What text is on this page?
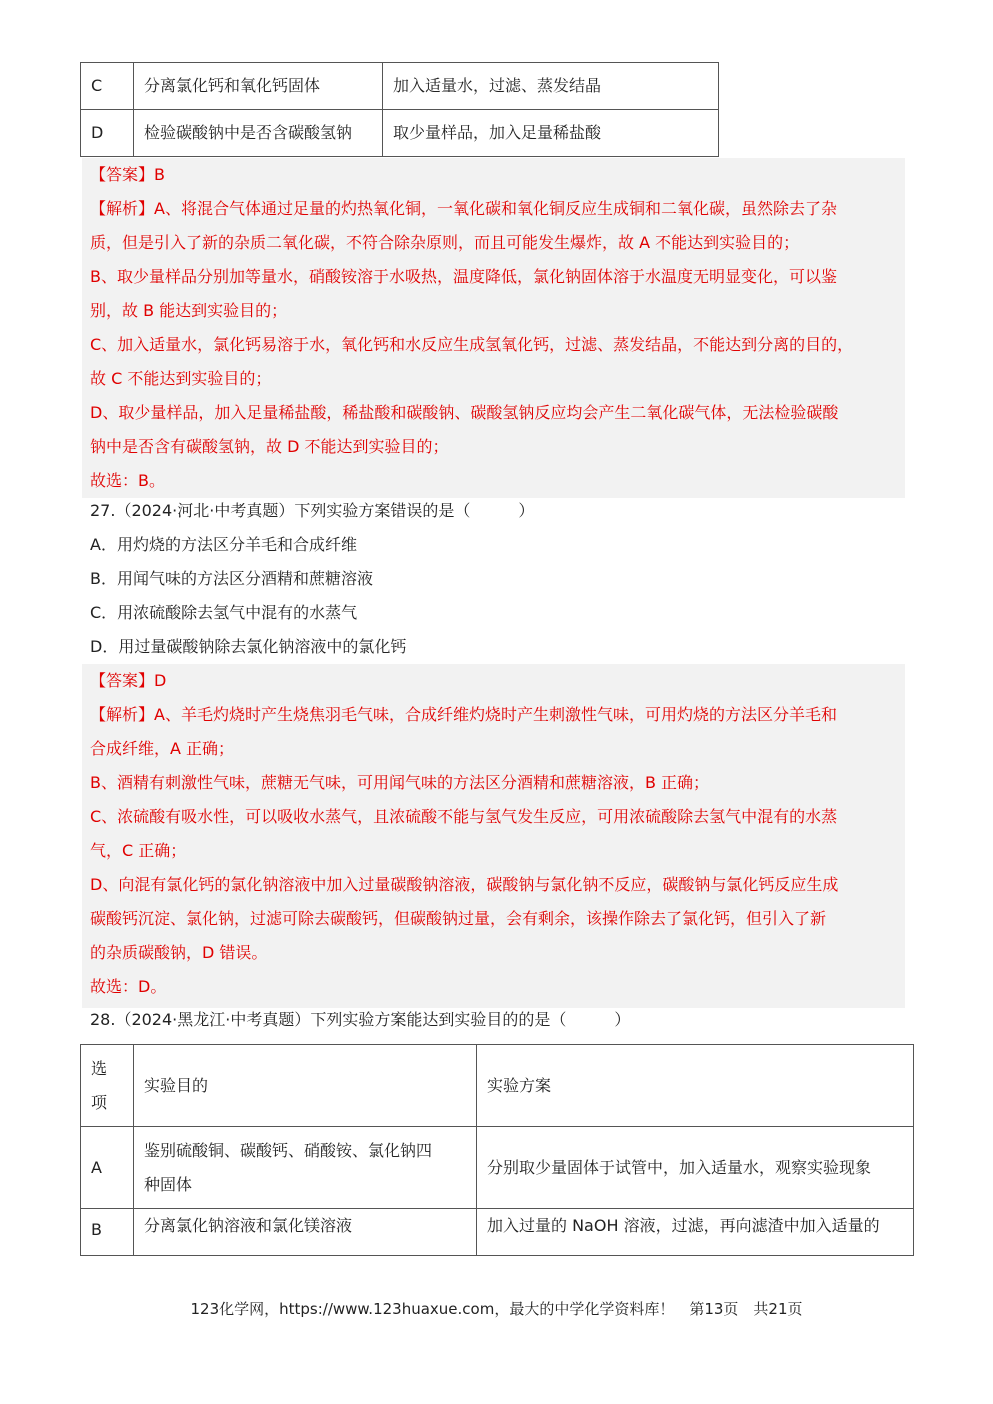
C	分离氯化钙和氧化钙固体	加入适量水，过滤、蒸发结晶
D	检验碳酸钠中是否含碳酸氢钠	取少量样品，加入足量稀盐酸
【答案】B
【解析】A、将混合气体通过足量的灼热氧化铜，一氧化碳和氧化铜反应生成铜和二氧化碳，虽然除去了杂
质，但是引入了新的杂质二氧化碳，不符合除杂原则，而且可能发生爆炸，故 A 不能达到实验目的；
B、取少量样品分别加等量水，硝酸铵溶于水吸热，温度降低，氯化钠固体溶于水温度无明显变化，可以鉴
别，故 B 能达到实验目的；
C、加入适量水，氯化钙易溶于水，氧化钙和水反应生成氢氧化钙，过滤、蒸发结晶，不能达到分离的目的，
故 C 不能达到实验目的；
D、取少量样品，加入足量稀盐酸，稀盐酸和碳酸钠、碳酸氢钠反应均会产生二氧化碳气体，无法检验碳酸
钠中是否含有碳酸氢钠，故 D 不能达到实验目的；
故选：B。
27.（2024·河北·中考真题）下列实验方案错误的是（　　　）
A．用灼烧的方法区分羊毛和合成纤维
B．用闻气味的方法区分酒精和蔗糖溶液
C．用浓硫酸除去氢气中混有的水蒸气
D．用过量碳酸钠除去氯化钠溶液中的氯化钙
【答案】D
【解析】A、羊毛灼烧时产生烧焦羽毛气味，合成纤维灼烧时产生刺激性气味，可用灼烧的方法区分羊毛和
合成纤维，A 正确；
B、酒精有刺激性气味，蔗糖无气味，可用闻气味的方法区分酒精和蔗糖溶液，B 正确；
C、浓硫酸有吸水性，可以吸收水蒸气，且浓硫酸不能与氢气发生反应，可用浓硫酸除去氢气中混有的水蒸
气，C 正确；
D、向混有氯化钙的氯化钠溶液中加入过量碳酸钠溶液，碳酸钠与氯化钠不反应，碳酸钠与氯化钙反应生成
碳酸钙沉淀、氯化钠，过滤可除去碳酸钙，但碳酸钠过量，会有剩余，该操作除去了氯化钙，但引入了新
的杂质碳酸钠，D 错误。
故选：D。
28.（2024·黑龙江·中考真题）下列实验方案能达到实验目的的是（　　　）
选
项	实验目的	实验方案
A	鉴别硫酸铜、碳酸钙、硝酸铵、氯化钠四
种固体	分别取少量固体于试管中，加入适量水，观察实验现象
B	分离氯化钠溶液和氯化镁溶液	加入过量的 NaOH 溶液，过滤，再向滤渣中加入适量的
123化学网，https://www.123huaxue.com，最大的中学化学资料库！　第13页　共21页
